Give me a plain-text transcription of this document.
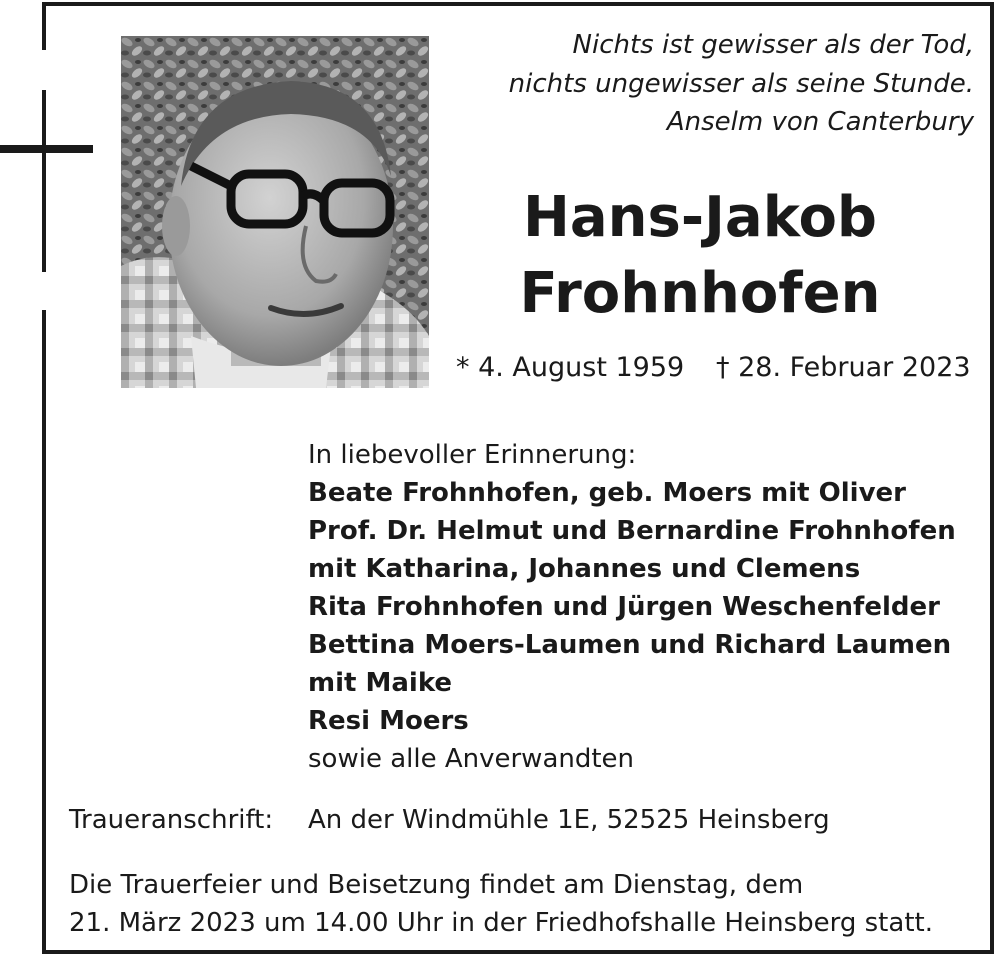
Nichts ist gewisser als der Tod,
nichts ungewisser als seine Stunde.
Anselm von Canterbury
Hans-Jakob
Frohnhofen
* 4. August 1959 † 28. Februar 2023
In liebevoller Erinnerung:
Beate Frohnhofen, geb. Moers mit Oliver
Prof. Dr. Helmut und Bernardine Frohnhofen
mit Katharina, Johannes und Clemens
Rita Frohnhofen und Jürgen Weschenfelder
Bettina Moers-Laumen und Richard Laumen
mit Maike
Resi Moers
sowie alle Anverwandten
Traueranschrift: An der Windmühle 1E, 52525 Heinsberg
Die Trauerfeier und Beisetzung findet am Dienstag, dem
21. März 2023 um 14.00 Uhr in der Friedhofshalle Heinsberg statt.
